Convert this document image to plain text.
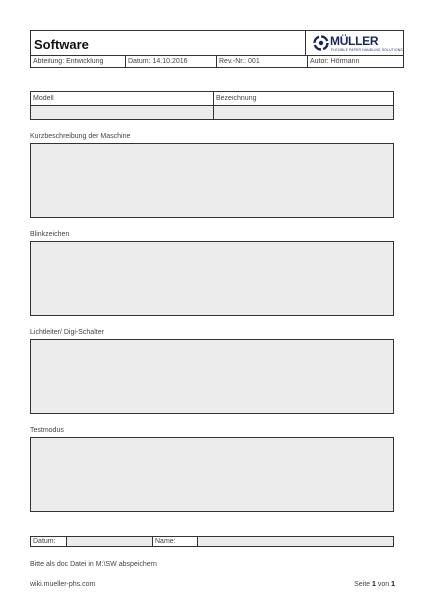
Software	MÜLLER
FLEXIBLE PAPER HANDLING SOLUTIONS
Abteilung: Entwicklung	Datum: 14.10.2016	Rev.-Nr.: 001	Autor: Hörmann
Modell	Bezeichnung
Kurzbeschreibung der Maschine
Blinkzeichen
Lichtleiter/ Digi-Schalter
Testmodus
Datum:	Name:
Bitte als doc Datei in M:\SW abspeichern
wiki.mueller-phs.com	Seite 1 von 1
